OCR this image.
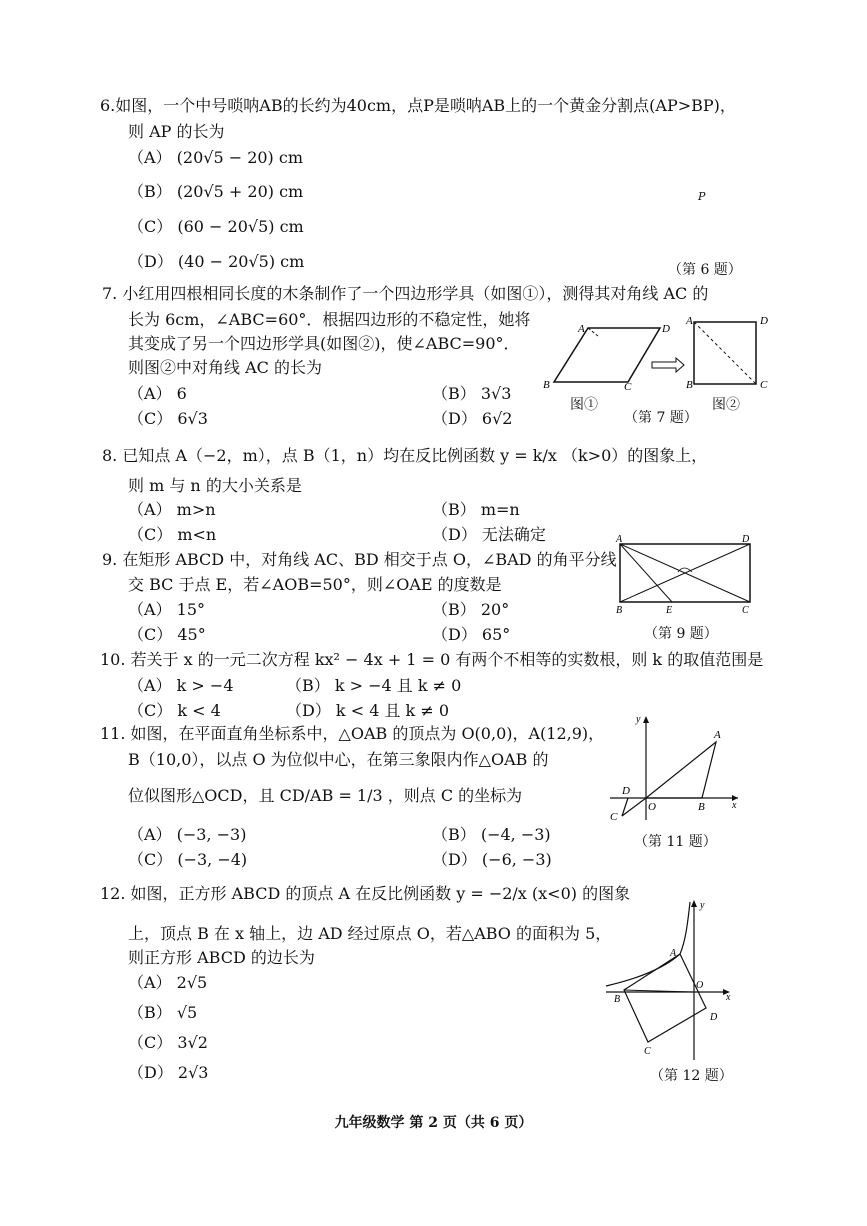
6.如图，一个中号唢呐AB的长约为40cm，点P是唢呐AB上的一个黄金分割点(AP>BP)，
则 AP 的长为
（A） (20√5 − 20) cm
（B） (20√5 + 20) cm
（C） (60 − 20√5) cm
（D） (40 − 20√5) cm
P
（第 6 题）
7. 小红用四根相同长度的木条制作了一个四边形学具（如图①），测得其对角线 AC 的
长为 6cm，∠ABC=60°．根据四边形的不稳定性，她将
其变成了另一个四边形学具(如图②)，使∠ABC=90°．
则图②中对角线 AC 的长为
（A） 6	（B） 3√3
（C） 6√3	（D） 6√2
A	D
B	C
A	D
B	C
图①
（第 7 题）
图②
8. 已知点 A（−2，m），点 B（1，n）均在反比例函数 y = k/x （k>0）的图象上，
则 m 与 n 的大小关系是
（A） m>n	（B） m=n
（C） m<n	（D） 无法确定
9. 在矩形 ABCD 中，对角线 AC、BD 相交于点 O，∠BAD 的角平分线
交 BC 于点 E，若∠AOB=50°，则∠OAE 的度数是
（A） 15°	（B） 20°
（C） 45°	（D） 65°
A	D
B	E	C
（第 9 题）
10. 若关于 x 的一元二次方程 kx² − 4x + 1 = 0 有两个不相等的实数根，则 k 的取值范围是
（A） k > −4	（B） k > −4 且 k ≠ 0
（C） k < 4	（D） k < 4 且 k ≠ 0
11. 如图，在平面直角坐标系中，△OAB 的顶点为 O(0,0)，A(12,9)，
B（10,0），以点 O 为位似中心，在第三象限内作△OAB 的
位似图形△OCD，且 CD/AB = 1/3 ，则点 C 的坐标为
（A） (−3, −3)	（B） (−4, −3)
（C） (−3, −4)	（D） (−6, −3)
y
x
A
B
O
D
C
（第 11 题）
12. 如图，正方形 ABCD 的顶点 A 在反比例函数 y = −2/x (x<0) 的图象
上，顶点 B 在 x 轴上，边 AD 经过原点 O，若△ABO 的面积为 5，
则正方形 ABCD 的边长为
（A） 2√5
（B） √5
（C） 3√2
（D） 2√3
y
x
A
B
O
D
C
（第 12 题）
九年级数学 第 2 页（共 6 页）
